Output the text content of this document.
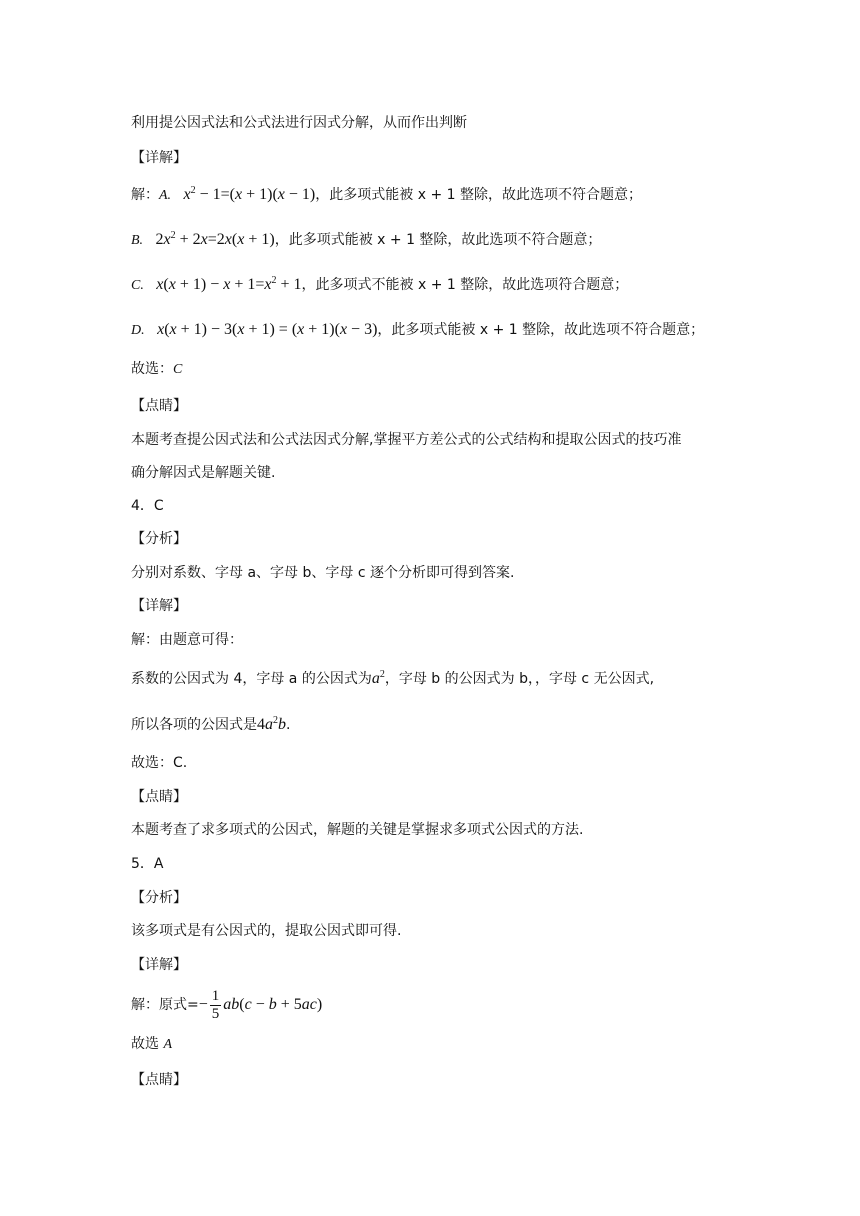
利用提公因式法和公式法进行因式分解，从而作出判断
【详解】
解：A. $x^2 - 1=(x + 1)(x - 1)$，此多项式能被 x + 1 整除，故此选项不符合题意；
B. $2x^2 + 2x=2x(x + 1)$，此多项式能被 x + 1 整除，故此选项不符合题意；
C. $x(x + 1) - x + 1=x^2 + 1$，此多项式不能被 x + 1 整除，故此选项符合题意；
D. x(x + 1) − 3(x + 1) = (x + 1)(x − 3)，此多项式能被 x + 1 整除，故此选项不符合题意；
故选：C
【点睛】
本题考查提公因式法和公式法因式分解,掌握平方差公式的公式结构和提取公因式的技巧准
确分解因式是解题关键.
4．C
【分析】
分别对系数、字母 a、字母 b、字母 c 逐个分析即可得到答案.
【详解】
解：由题意可得：
系数的公因式为 4，字母 a 的公因式为$a^2$，字母 b 的公因式为 b，，字母 c 无公因式,
所以各项的公因式是$4a^2b$.
故选：C.
【点睛】
本题考查了求多项式的公因式，解题的关键是掌握求多项式公因式的方法.
5．A
【分析】
该多项式是有公因式的，提取公因式即可得.
【详解】
解：原式=− $\frac{1}{5} ab(c - b + 5ac)$
故选 A
【点睛】
